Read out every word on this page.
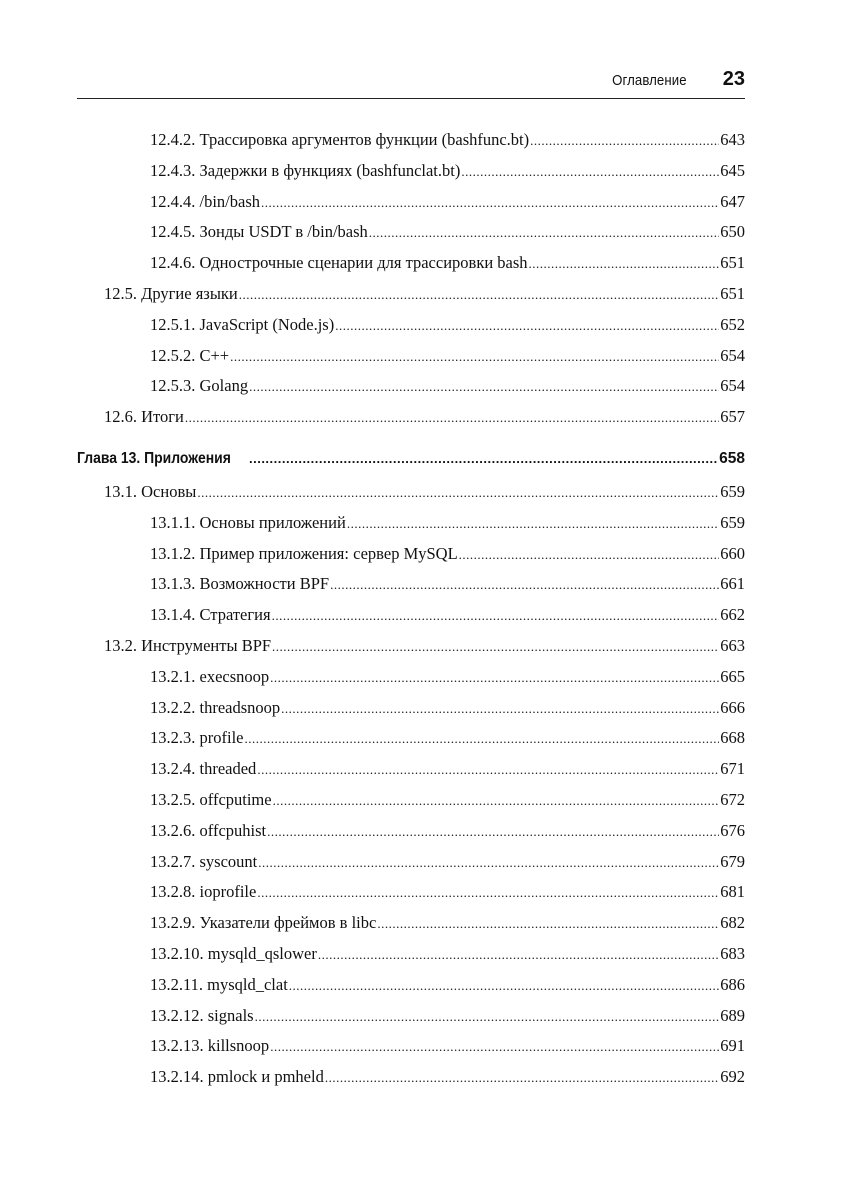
Оглавление 23
12.4.2. Трассировка аргументов функции (bashfunc.bt) .....	643
12.4.3. Задержки в функциях (bashfunclat.bt) .....	645
12.4.4. /bin/bash .....	647
12.4.5. Зонды USDT в /bin/bash .....	650
12.4.6. Однострочные сценарии для трассировки bash .....	651
12.5. Другие языки .....	651
12.5.1. JavaScript (Node.js) .....	652
12.5.2. C++ .....	654
12.5.3. Golang .....	654
12.6. Итоги .....	657
Глава 13. Приложения .....	658
13.1. Основы .....	659
13.1.1. Основы приложений .....	659
13.1.2. Пример приложения: сервер MySQL .....	660
13.1.3. Возможности BPF .....	661
13.1.4. Стратегия .....	662
13.2. Инструменты BPF .....	663
13.2.1. execsnoop .....	665
13.2.2. threadsnoop .....	666
13.2.3. profile .....	668
13.2.4. threaded .....	671
13.2.5. offcputime .....	672
13.2.6. offcpuhist .....	676
13.2.7. syscount .....	679
13.2.8. ioprofile .....	681
13.2.9. Указатели фреймов в libc .....	682
13.2.10. mysqld_qslower .....	683
13.2.11. mysqld_clat .....	686
13.2.12. signals .....	689
13.2.13. killsnoop .....	691
13.2.14. pmlock и pmheld .....	692
